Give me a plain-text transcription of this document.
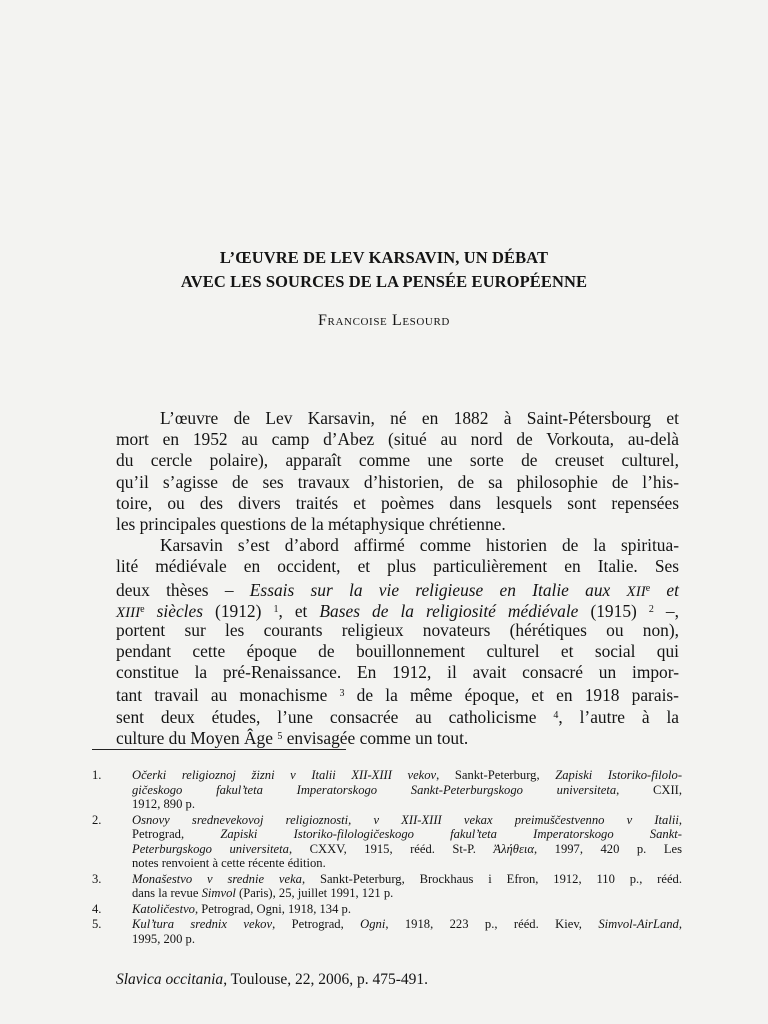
L’ŒUVRE DE LEV KARSAVIN, UN DÉBAT
AVEC LES SOURCES DE LA PENSÉE EUROPÉENNE
Francoise Lesourd
L’œuvre de Lev Karsavin, né en 1882 à Saint-Pétersbourg et
mort en 1952 au camp d’Abez (situé au nord de Vorkouta, au-delà
du cercle polaire), apparaît comme une sorte de creuset culturel,
qu’il s’agisse de ses travaux d’historien, de sa philosophie de l’his-
toire, ou des divers traités et poèmes dans lesquels sont repensées
les principales questions de la métaphysique chrétienne.
Karsavin s’est d’abord affirmé comme historien de la spiritua-
lité médiévale en occident, et plus particulièrement en Italie. Ses
deux thèses – Essais sur la vie religieuse en Italie aux XIIe et
XIIIe siècles (1912) $^1$, et Bases de la religiosité médiévale (1915) $^2$ –,
portent sur les courants religieux novateurs (hérétiques ou non),
pendant cette époque de bouillonnement culturel et social qui
constitue la pré-Renaissance. En 1912, il avait consacré un impor-
tant travail au monachisme $^3$ de la même époque, et en 1918 parais-
sent deux études, l’une consacrée au catholicisme $^4$, l’autre à la
culture du Moyen Âge $^5$ envisagée comme un tout.
1. Očerki religioznoj žizni v Italii XII-XIII vekov, Sankt-Peterburg, Zapiski Istoriko-filolo-
gičeskogo fakul’teta Imperatorskogo Sankt-Peterburgskogo universiteta, CXII,
1912, 890 p.
2. Osnovy srednevekovoj religioznosti, v XII-XIII vekax preimuščestvenno v Italii,
Petrograd,	Zapiski Istoriko-filologičeskogo fakul’teta Imperatorskogo Sankt-
Peterburgskogo universiteta, CXXV, 1915, rééd. St-P. Ἀλήθεια, 1997, 420 p. Les
notes renvoient à cette récente édition.
3. Monašestvo v srednie veka, Sankt-Peterburg, Brockhaus i Efron, 1912, 110 p., rééd.
dans la revue Simvol (Paris), 25, juillet 1991, 121 p.
4. Katoličestvo, Petrograd, Ogni, 1918, 134 p.
5. Kul’tura srednix vekov, Petrograd, Ogni, 1918, 223 p., rééd. Kiev, Simvol-AirLand,
1995, 200 p.
Slavica occitania, Toulouse, 22, 2006, p. 475-491.
